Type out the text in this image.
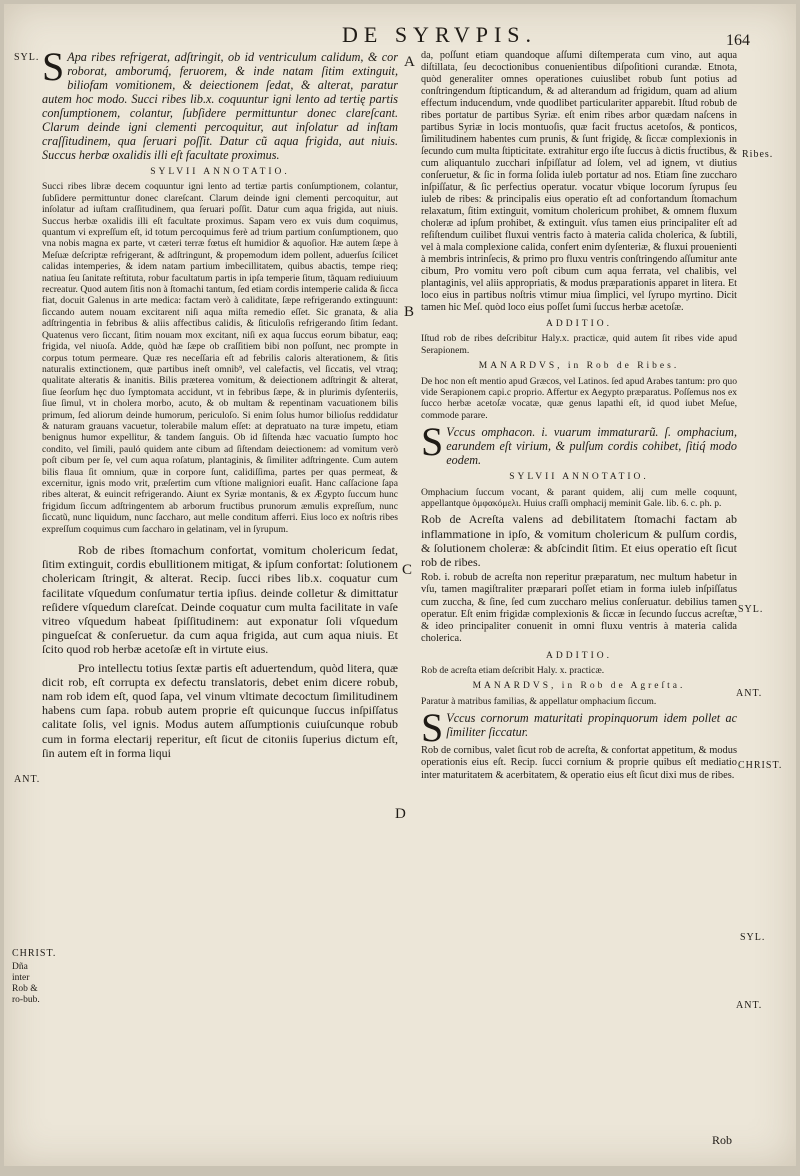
DE SYRVPIS.	164
SYL.
ANT.
CHRIST.
Dña inter Rob & ro-bub.
A
B
C
D
Ribes.
SYL.
ANT.
CHRIST.
SYL.
ANT.

S Apa ribes refrigerat, adſtringit, ob id ventriculum calidum, & cor roborat, amborumq́, feruorem, & inde natam ſitim extinguit, biliofam vomitionem, & deiectionem ſedat, & alterat, paratur autem hoc modo. Succi ribes lib.x. coquuntur igni lento ad tertię partis conſumptionem, colantur, ſubſidere permittuntur donec clareſcant. Clarum deinde igni clementi percoquitur, aut inſolatur ad inſtam craſſitudinem, qua ſeruari poſſit. Datur cũ aqua frigida, aut niuis. Succus herbæ oxalidis illi eſt facultate proximus.

SYLVII ANNOTATIO.

Succi ribes libræ decem coquuntur igni lento ad tertiæ partis conſumptionem, colantur, ſubſidere permittuntur donec clareſcant. Clarum deinde igni clementi percoquitur, aut inſolatur ad iuſtam craſſitudinem, qua ſeruari poſſit. Datur cum aqua frigida, aut niuis. Succus herbæ oxalidis illi eſt facultate proximus. Sapam vero ex vuis dum coquimus, quantum vi expreſſum eſt, id totum percoquimus ferè ad trium partium conſumptionem, quo vna nobis magna ex parte, vt cæteri terræ fœtus eſt humidior & aquoſior. Hæ autem ſæpe à Meſuæ deſcriptæ refrigerant, & adſtringunt, & propemodum idem pollent, aduerſus ſcilicet calidas intemperies, & idem natam partium imbecillitatem, quibus abactis, tempe rieq; natiua ſeu ſanitate reſtituta, robur facultatum partis in ipſa temperie ſitum, tãquam rediuiuum recreatur. Quod autem ſitis non à ſtomachi tantum, ſed etiam cordis intemperie calida & ſicca fiat, docuit Galenus in arte medica: factam verò à caliditate, ſæpe refrigerando extinguunt: ſiccando autem nouam excitarent niſi aqua miſta remedio eſſet. Sic granata, & alia adſtringentia in febribus & aliis affectibus calidis, & ſiticuloſis refrigerando ſitim ſedant. Quatenus vero ſiccant, ſitim nouam mox excitant, niſi ex aqua ſuccus eorum bibatur, eaq; frigida, vel niuoſa. Adde, quòd hæ ſæpe ob craſſitiem bibi non poſſunt, nec prompte in corpus totum permeare. Quæ res neceſſaria eſt ad febrilis caloris alterationem, & ſitis naturalis extinctionem, quæ partibus ineſt omnib⁹, vel calefactis, vel ſiccatis, vel vtraq; qualitate alteratis & inanitis. Bilis præterea vomitum, & deiectionem adſtringit & alterat, ſiue ſeorſum hęc duo ſymptomata accidunt, vt in febribus ſæpe, & in plurimis dyſenteriis, ſiue ſimul, vt in cholera morbo, acuto, & ob multam & repentinam vacuationem bilis primum, ſed aliorum deinde humorum, periculoſo. Si enim ſolus humor bilioſus reddidatur & naturam grauans vacuetur, tolerabile malum eſſet: at depratuato na turæ impetu, etiam benignus humor expellitur, & tandem ſanguis. Ob id ſiſtenda hæc vacuatio ſumpto hoc condito, vel ſimili, pauló quidem ante cibum ad ſiſtendam deiectionem: ad vomitum verò poſt cibum per ſe, vel cum aqua roſatum, plantaginis, & ſimiliter adſtringente. Cum autem bilis flaua ſit omnium, quæ in corpore ſunt, calidiſſima, partes per quas permeat, & excernitur, ignis modo vrit, præſertim cum vſtione maligniori euaſit. Hanc caſſacione ſapa ribes alterat, & euincit refrigerando. Aiunt ex Syriæ montanis, & ex Ægypto ſuccum hunc frigidum ſiccum adſtringentem ab arborum fructibus prunorum æmulis expreſſum, nunc ſiccatũ, nunc liquidum, nunc ſacchаro, aut melle conditum afferri. Eius loco ex noſtris ribes expreſſum coquimus cum ſaccharo in gelatinam, vel in ſyrupum.

Rob de ribes ſtomachum confortat, vomitum cholericum ſedat, ſitim extinguit, cordis ebullitionem mitigat, & ipſum confortat: ſolutionem cholericam ſtringit, & alterat. Recip. ſucci ribes lib.x. coquatur cum facilitate vſquedum conſumatur tertia ipſius. deinde colletur & dimittatur reſidere vſquedum clareſcat. Deinde coquatur cum multa facilitate in vaſe vitreo vſquedum habeat ſpiſſitudinem: aut exponatur ſoli vſquedum pingueſcat & conſeruetur. da cum aqua frigida, aut cum aqua niuis. Et ſcito quod rob herbæ acetoſæ eſt in virtute eius.

Pro intellectu totius ſextæ partis eſt aduertendum, quòd litera, quæ dicit rob, eſt corrupta ex defectu translatoris, debet enim dicere robub, nam rob idem eſt, quod ſapa, vel vinum vltimate decoctum ſimilitudinem habens cum ſapa. robub autem proprie eſt quicunque ſuccus inſpiſſatus calitate ſolis, vel ignis. Modus autem aſſumptionis cuiuſcunque robub cum in forma electarij reperitur, eſt ſicut de citoniis ſuperius dictum eſt, ſin autem eſt in forma liqui

da, poſſunt etiam quandoque aſſumi diſtemperata cum vino, aut aqua diſtillata, ſeu decoctionibus conuenientibus diſpoſitioni curandæ. Etnota, quòd generaliter omnes operationes cuiuslibet robub ſunt potius ad conſtringendum ſtipticandum, & ad alterandum ad frigidum, quam ad alium effectum inducendum, vnde quodlibet particulariter apparebit. Iſtud robub de ribes portatur de partibus Syriæ. eſt enim ribes arbor quædam naſcens in partibus Syriæ in locis montuoſis, quæ facit fructus acetoſos, & ponticos, ſimilitudinem habentes cum prunis, & ſunt frigidę, & ſiccæ complexionis in ſecundo cum multa ſtipticitate. extrahitur ergo iſte ſuccus à dictis fructibus, & cum aliquantulo zucchari inſpiſſatur ad ſolem, vel ad ignem, vt diutius conſeruetur, & ſic in forma ſolida iuleb portatur ad nos. Etiam ſine zuccharo inſpiſſatur, & ſic perfectius operatur. vocatur vbique locorum ſyrupus ſeu iuleb de ribes: & principalis eius operatio eſt ad confortandum ſtomachum relaxatum, ſitim extinguit, vomitum cholericum prohibet, & omnem fluxum choleræ ad ipſum prohibet, & extinguit. vſus tamen eius principaliter eſt ad reſiſtendum cuilibet fluxui ventris facto à materia calida cholerica, & ſubtili, vel à mala complexione calida, confert enim dyſenteriæ, & fluxui prouenienti à membris intrinſecis, & primo pro fluxu ventris conſtringendo aſſumitur ante cibum, Pro vomitu vero poſt cibum cum aqua ferrata, vel chalibis, vel plantaginis, vel aliis appropriatis, & modus præparationis apparet in litera. Et loco eius in partibus noſtris vtimur miua ſimplici, vel ſyrupo myrtino. Dicit tamen hic Meſ. quòd loco eius poſſet ſumi ſuccus herbæ acetoſæ.

ADDITIO.

Iſtud rob de ribes deſcribitur Haly.x. practicæ, quid autem ſit ribes vide apud Serapionem.

MANARDVS, in Rob de Ribes.

De hoc non eſt mentio apud Græcos, vel Latinos. ſed apud Arabes tantum: pro quo vide Serapionem capi.c proprio. Affertur ex Aegypto præparatus. Poſſemus nos ex ſucco herbæ acetoſæ vocatæ, quæ genus lapathi eſt, id quod iubet Meſue, commode parare.

S Vccus omphacon. i. vuarum immaturarũ. ſ. omphacium, earundem eſt virium, & pulſum cordis cohibet, ſitiq́ modo eodem.

SYLVII ANNOTATIO.

Omphacium ſuccum vocant, & parant quidem, alij cum melle coquunt, appellantque ὀμφακόμελι. Huius craſſi omphacij meminit Gale. lib. 6. c. ph. p.

Rob de Acreſta valens ad debilitatem ſtomachi factam ab inflammatione in ipſo, & vomitum cholericum & pulſum cordis, & ſolutionem choleræ: & abſcindit ſitim. Et eius operatio eſt ſicut rob de ribes.

Rob. i. robub de acreſta non reperitur præparatum, nec multum habetur in vſu, tamen magiſtraliter præparari poſſet etiam in forma iuleb inſpiſſatus cum zuccha, & ſine, ſed cum zuccharo melius conſeruatur. debilius tamen operatur. Eſt enim frigidæ complexionis & ſiccæ in ſecundo ſuccus acreſtæ, & ideo principaliter conuenit in omni fluxu ventris à materia calida cholerica.

ADDITIO.

Rob de acreſta etiam deſcribit Haly. x. practicæ.

MANARDVS, in Rob de Agreſta.

Paratur à matribus familias, & appellatur omphacium ſiccum.

S Vccus cornorum maturitati propinquorum idem pollet ac ſimiliter ſiccatur.

Rob de cornibus, valet ſicut rob de acreſta, & confortat appetitum, & modus operationis eius eſt. Recip. ſucci cornium & proprie quibus eſt mediatio inter maturitatem & acerbitatem, & operatio eius eſt ſicut dixi mus de ribes.

Rob
